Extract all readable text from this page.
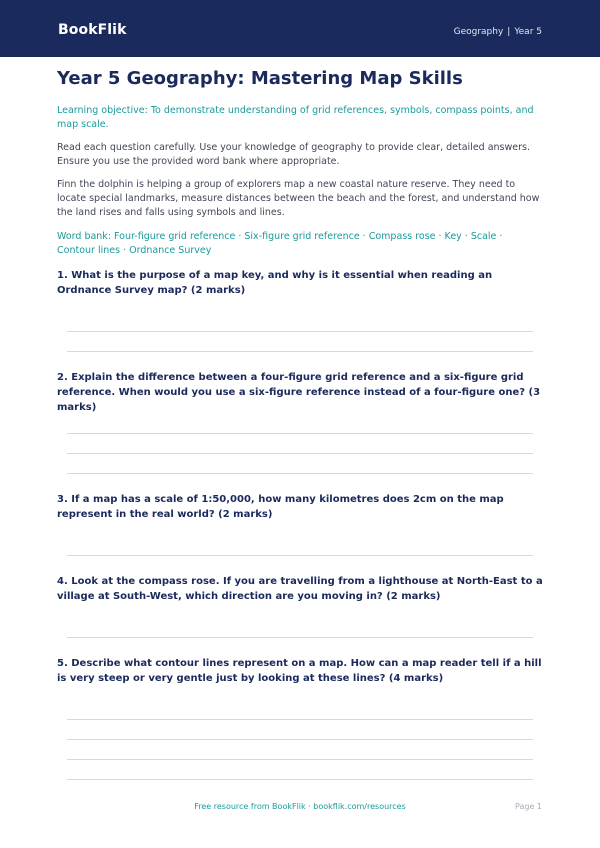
BookFlik	Geography | Year 5
Year 5 Geography: Mastering Map Skills

Learning objective: To demonstrate understanding of grid references, symbols, compass points, and map scale.

Read each question carefully. Use your knowledge of geography to provide clear, detailed answers. Ensure you use the provided word bank where appropriate.

Finn the dolphin is helping a group of explorers map a new coastal nature reserve. They need to locate special landmarks, measure distances between the beach and the forest, and understand how the land rises and falls using symbols and lines.

Word bank: Four-figure grid reference · Six-figure grid reference · Compass rose · Key · Scale · Contour lines · Ordnance Survey

1. What is the purpose of a map key, and why is it essential when reading an Ordnance Survey map? (2 marks)

2. Explain the difference between a four-figure grid reference and a six-figure grid reference. When would you use a six-figure reference instead of a four-figure one? (3 marks)

3. If a map has a scale of 1:50,000, how many kilometres does 2cm on the map represent in the real world? (2 marks)

4. Look at the compass rose. If you are travelling from a lighthouse at North-East to a village at South-West, which direction are you moving in? (2 marks)

5. Describe what contour lines represent on a map. How can a map reader tell if a hill is very steep or very gentle just by looking at these lines? (4 marks)

Free resource from BookFlik · bookflik.com/resources	Page 1
